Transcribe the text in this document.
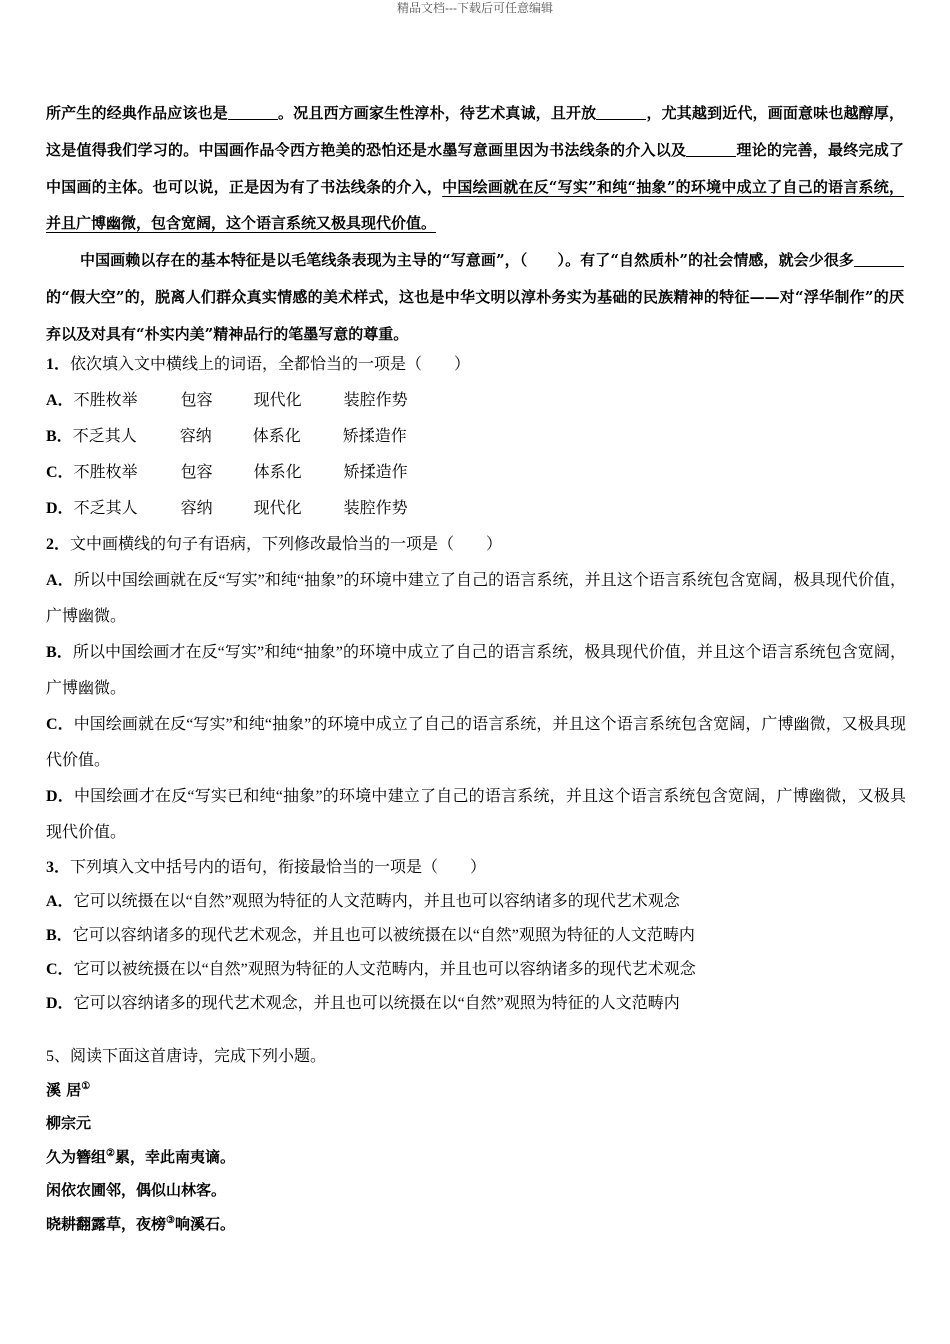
精品文档---下载后可任意编辑

所产生的经典作品应该也是	。况且西方画家生性淳朴，待艺术真诚，且开放	，尤其越到近代，画面意味也越醇厚，这是值得我们学习的。中国画作品令西方艳美的恐怕还是水墨写意画里因为书法线条的介入以及	理论的完善，最终完成了中国画的主体。也可以说，正是因为有了书法线条的介入，中国绘画就在反“写实”和纯“抽象”的环境中成立了自己的语言系统，并且广博幽微，包含宽阔，这个语言系统又极具现代价值。

中国画赖以存在的基本特征是以毛笔线条表现为主导的“写意画”，（　　）。有了“自然质朴”的社会情感，就会少很多的“假大空”的，脱离人们群众真实情感的美术样式，这也是中华文明以淳朴务实为基础的民族精神的特征——对“浮华制作”的厌弃以及对具有“朴实内美”精神品行的笔墨写意的尊重。

1．依次填入文中横线上的词语，全都恰当的一项是（　　）
A．不胜枚举	包容	现代化	装腔作势
B．不乏其人	容纳	体系化	矫揉造作
C．不胜枚举	包容	体系化	矫揉造作
D．不乏其人	容纳	现代化	装腔作势
2．文中画横线的句子有语病，下列修改最恰当的一项是（　　）
A．所以中国绘画就在反“写实”和纯“抽象”的环境中建立了自己的语言系统，并且这个语言系统包含宽阔，极具现代价值，广博幽微。
B．所以中国绘画才在反“写实”和纯“抽象”的环境中成立了自己的语言系统，极具现代价值，并且这个语言系统包含宽阔，广博幽微。
C．中国绘画就在反“写实”和纯“抽象”的环境中成立了自己的语言系统，并且这个语言系统包含宽阔，广博幽微，又极具现代价值。
D．中国绘画才在反“写实已和纯“抽象”的环境中建立了自己的语言系统，并且这个语言系统包含宽阔，广博幽微，又极具现代价值。
3．下列填入文中括号内的语句，衔接最恰当的一项是（　　）
A．它可以统摄在以“自然”观照为特征的人文范畴内，并且也可以容纳诸多的现代艺术观念
B．它可以容纳诸多的现代艺术观念，并且也可以被统摄在以“自然”观照为特征的人文范畴内
C．它可以被统摄在以“自然”观照为特征的人文范畴内，并且也可以容纳诸多的现代艺术观念
D．它可以容纳诸多的现代艺术观念，并且也可以统摄在以“自然”观照为特征的人文范畴内
5、阅读下面这首唐诗，完成下列小题。
溪 居①
柳宗元
久为簪组②累，幸此南夷谪。
闲依农圃邻，偶似山林客。
晓耕翻露草，夜榜③响溪石。
